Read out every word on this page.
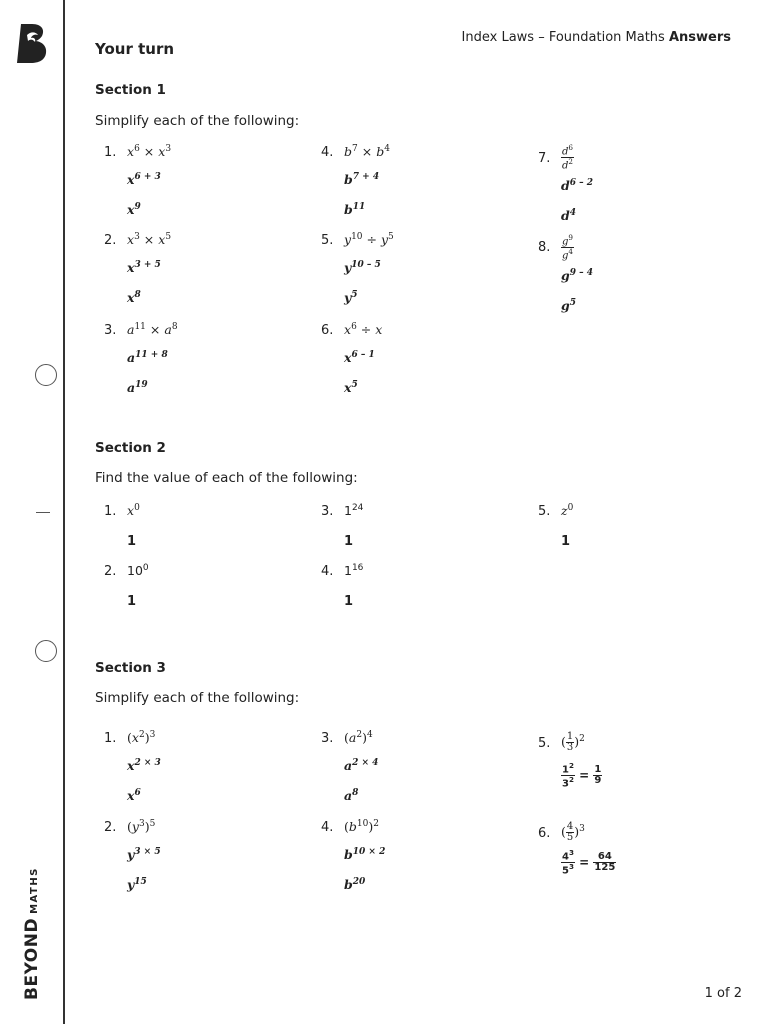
BEYONDMATHS
Index Laws – Foundation Maths Answers
Your turn
Section 1
Simplify each of the following:
1. $x^6 \times x^3$
$x^{6 + 3}$
$x^9$
2. $x^3 \times x^5$
$x^{3 + 5}$
$x^8$
3. $a^{11} \times a^8$
$a^{11 + 8}$
$a^{19}$
4. $b^7 \times b^4$
$b^{7 + 4}$
$b^{11}$
5. $y^{10} \div y^5$
$y^{10 - 5}$
$y^5$
6. $x^6 \div x$
$x^{6 - 1}$
$x^5$
7. $\frac{d^6}{d^2}$
$d^{6 - 2}$
$d^4$
8. $\frac{g^9}{g^4}$
$g^{9 - 4}$
$g^5$
Section 2
Find the value of each of the following:
1. $x^0$
1
2. $10^0$
1
3. $1^{24}$
1
4. $1^{16}$
1
5. $z^0$
1
Section 3
Simplify each of the following:
1. $(x^2)^3$
$x^{2 \times 3}$
$x^6$
2. $(y^3)^5$
$y^{3 \times 5}$
$y^{15}$
3. $(a^2)^4$
$a^{2 \times 4}$
$a^8$
4. $(b^{10})^2$
$b^{10 \times 2}$
$b^{20}$
5. ( $\frac{1}{3} )^2$
$\frac{1^2}{3^2} = \frac{1}{9}$
6. ( $\frac{4}{5} )^3$
$\frac{4^3}{5^3} = \frac{64}{125}$
1 of 2
